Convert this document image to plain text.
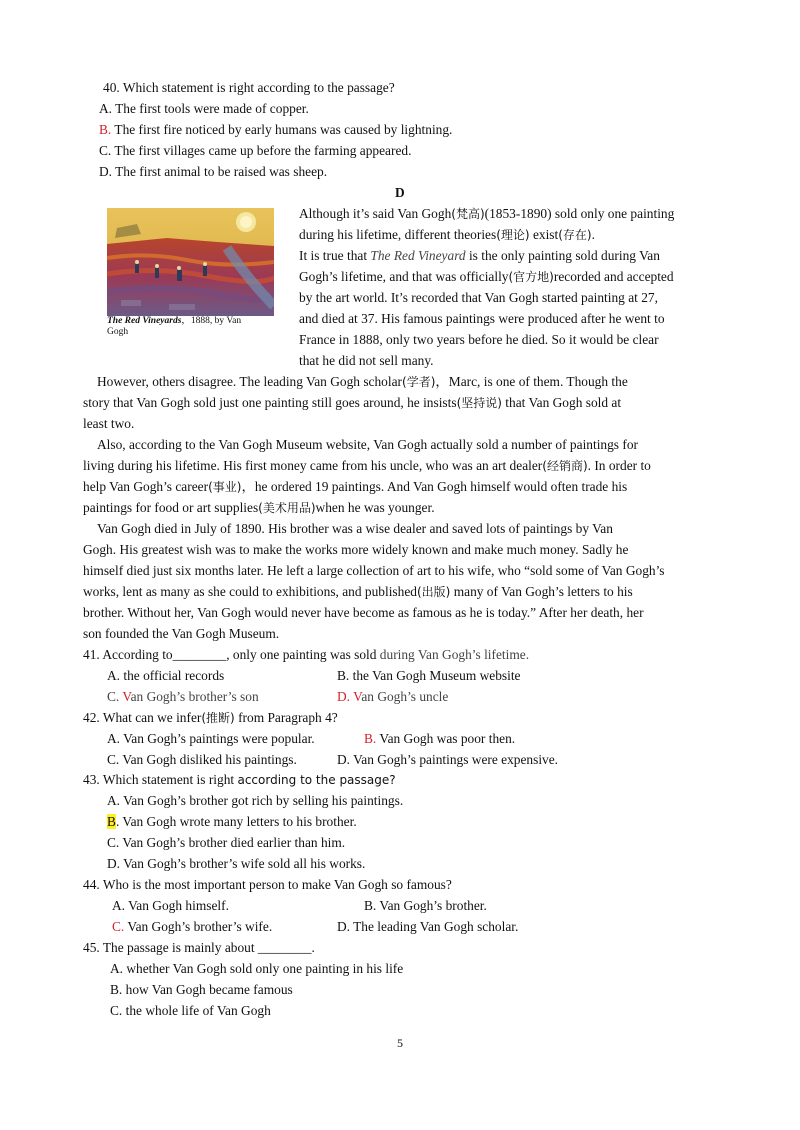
40. Which statement is right according to the passage?
A. The first tools were made of copper.
B. The first fire noticed by early humans was caused by lightning.
C. The first villages came up before the farming appeared.
D. The first animal to be raised was sheep.
D
The Red Vineyards，1888, by Van
Gogh
Although it’s said Van Gogh(梵高)(1853-1890) sold only one painting
during his lifetime, different theories(理论) exist(存在).
It is true that The Red Vineyard is the only painting sold during Van
Gogh’s lifetime, and that was officially(官方地)recorded and accepted
by the art world. It’s recorded that Van Gogh started painting at 27,
and died at 37. His famous paintings were produced after he went to
France in 1888, only two years before he died. So it would be clear
that he did not sell many.
However, others disagree. The leading Van Gogh scholar(学者)，Marc, is one of them. Though the
story that Van Gogh sold just one painting still goes around, he insists(坚持说) that Van Gogh sold at
least two.
Also, according to the Van Gogh Museum website, Van Gogh actually sold a number of paintings for
living during his lifetime. His first money came from his uncle, who was an art dealer(经销商). In order to
help Van Gogh’s career(事业)，he ordered 19 paintings. And Van Gogh himself would often trade his
paintings for food or art supplies(美术用品)when he was younger.
Van Gogh died in July of 1890. His brother was a wise dealer and saved lots of paintings by Van
Gogh. His greatest wish was to make the works more widely known and make much money. Sadly he
himself died just six months later. He left a large collection of art to his wife, who “sold some of Van Gogh’s
works, lent as many as she could to exhibitions, and published(出版) many of Van Gogh’s letters to his
brother. Without her, Van Gogh would never have become as famous as he is today.” After her death, her
son founded the Van Gogh Museum.
41. According to________, only one painting was sold during Van Gogh’s lifetime.
A. the official records	B. the Van Gogh Museum website
C. Van Gogh’s brother’s son	D. Van Gogh’s uncle
42. What can we infer(推断) from Paragraph 4?
A. Van Gogh’s paintings were popular.	B. Van Gogh was poor then.
C. Van Gogh disliked his paintings.	D. Van Gogh’s paintings were expensive.
43. Which statement is right according to the passage?
A. Van Gogh’s brother got rich by selling his paintings.
B. Van Gogh wrote many letters to his brother.
C. Van Gogh’s brother died earlier than him.
D. Van Gogh’s brother’s wife sold all his works.
44. Who is the most important person to make Van Gogh so famous?
A. Van Gogh himself.	B. Van Gogh’s brother.
C. Van Gogh’s brother’s wife.	D. The leading Van Gogh scholar.
45. The passage is mainly about ________.
A. whether Van Gogh sold only one painting in his life
B. how Van Gogh became famous
C. the whole life of Van Gogh
5
